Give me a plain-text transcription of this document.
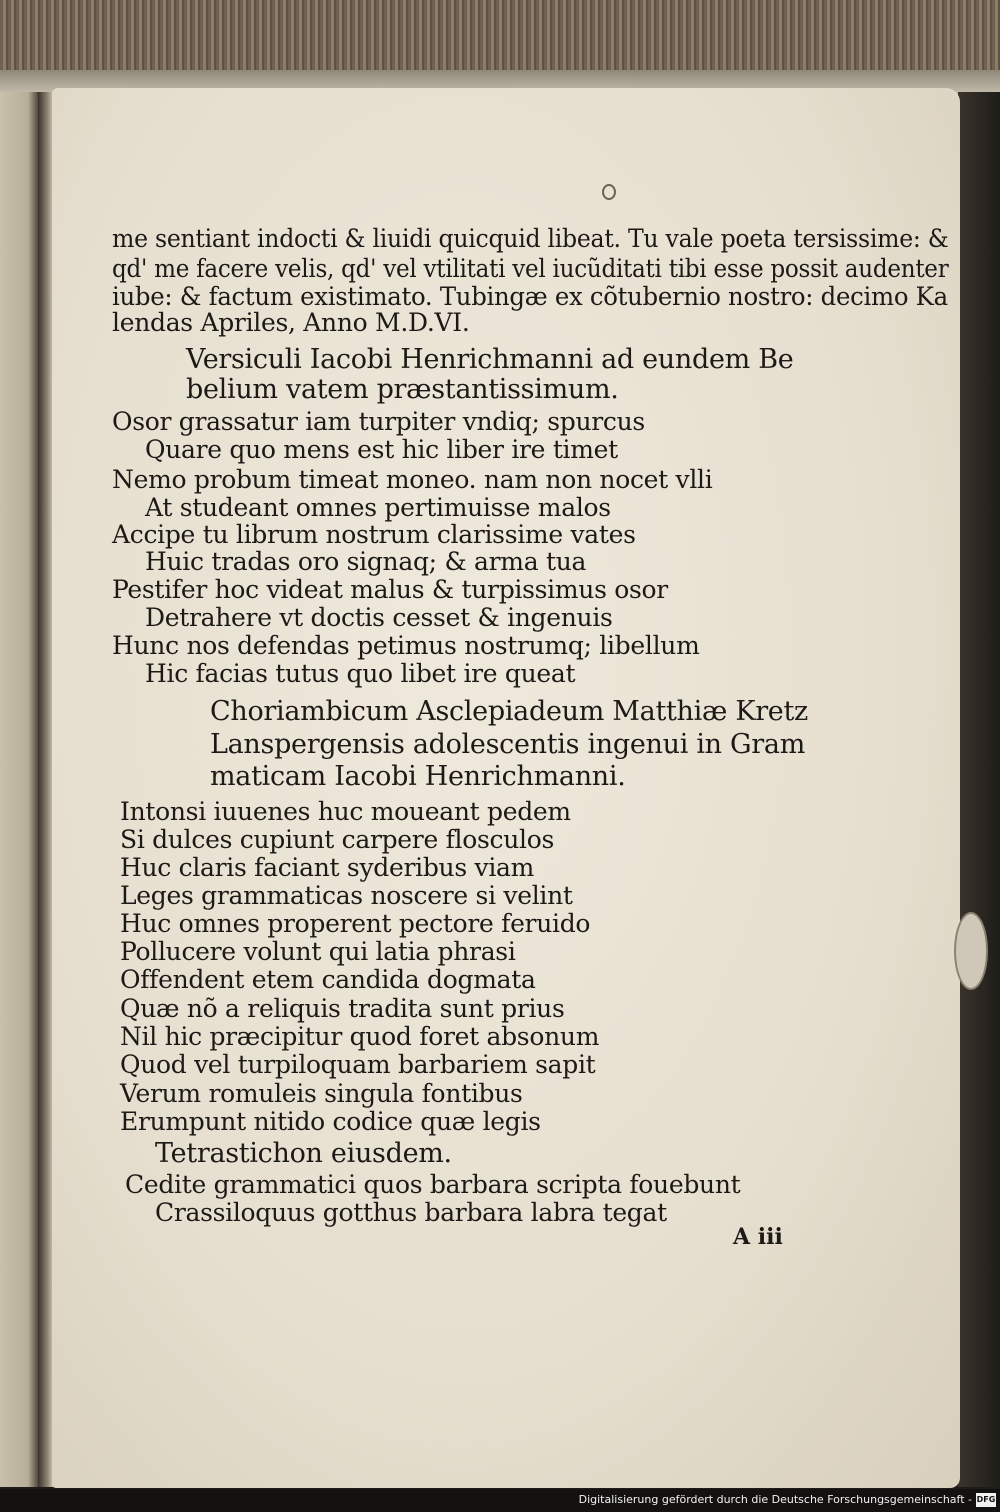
me sentiant indocti & liuidi quicquid libeat. Tu vale poeta tersissime: &
qd' me facere velis, qd' vel vtilitati vel iucũditati tibi esse possit audenter
iube: & factum existimato. Tubingæ ex cõtubernio nostro: decimo Ka
lendas Apriles, Anno M.D.VI.
Versiculi Iacobi Henrichmanni ad eundem Be
belium vatem præstantissimum.
Osor grassatur iam turpiter vndiq; spurcus
Quare quo mens est hic liber ire timet
Nemo probum timeat moneo. nam non nocet vlli
At studeant omnes pertimuisse malos
Accipe tu librum nostrum clarissime vates
Huic tradas oro signaq; & arma tua
Pestifer hoc videat malus & turpissimus osor
Detrahere vt doctis cesset & ingenuis
Hunc nos defendas petimus nostrumq; libellum
Hic facias tutus quo libet ire queat
Choriambicum Asclepiadeum Matthiæ Kretz
Lanspergensis adolescentis ingenui in Gram
maticam Iacobi Henrichmanni.
Intonsi iuuenes huc moueant pedem
Si dulces cupiunt carpere flosculos
Huc claris faciant syderibus viam
Leges grammaticas noscere si velint
Huc omnes properent pectore feruido
Pollucere volunt qui latia phrasi
Offendent etem candida dogmata
Quæ nõ a reliquis tradita sunt prius
Nil hic præcipitur quod foret absonum
Quod vel turpiloquam barbariem sapit
Verum romuleis singula fontibus
Erumpunt nitido codice quæ legis
Tetrastichon eiusdem.
Cedite grammatici quos barbara scripta fouebunt
Crassiloquus gotthus barbara labra tegat
A iii
Digitalisierung gefördert durch die Deutsche Forschungsgemeinschaft - DFG
